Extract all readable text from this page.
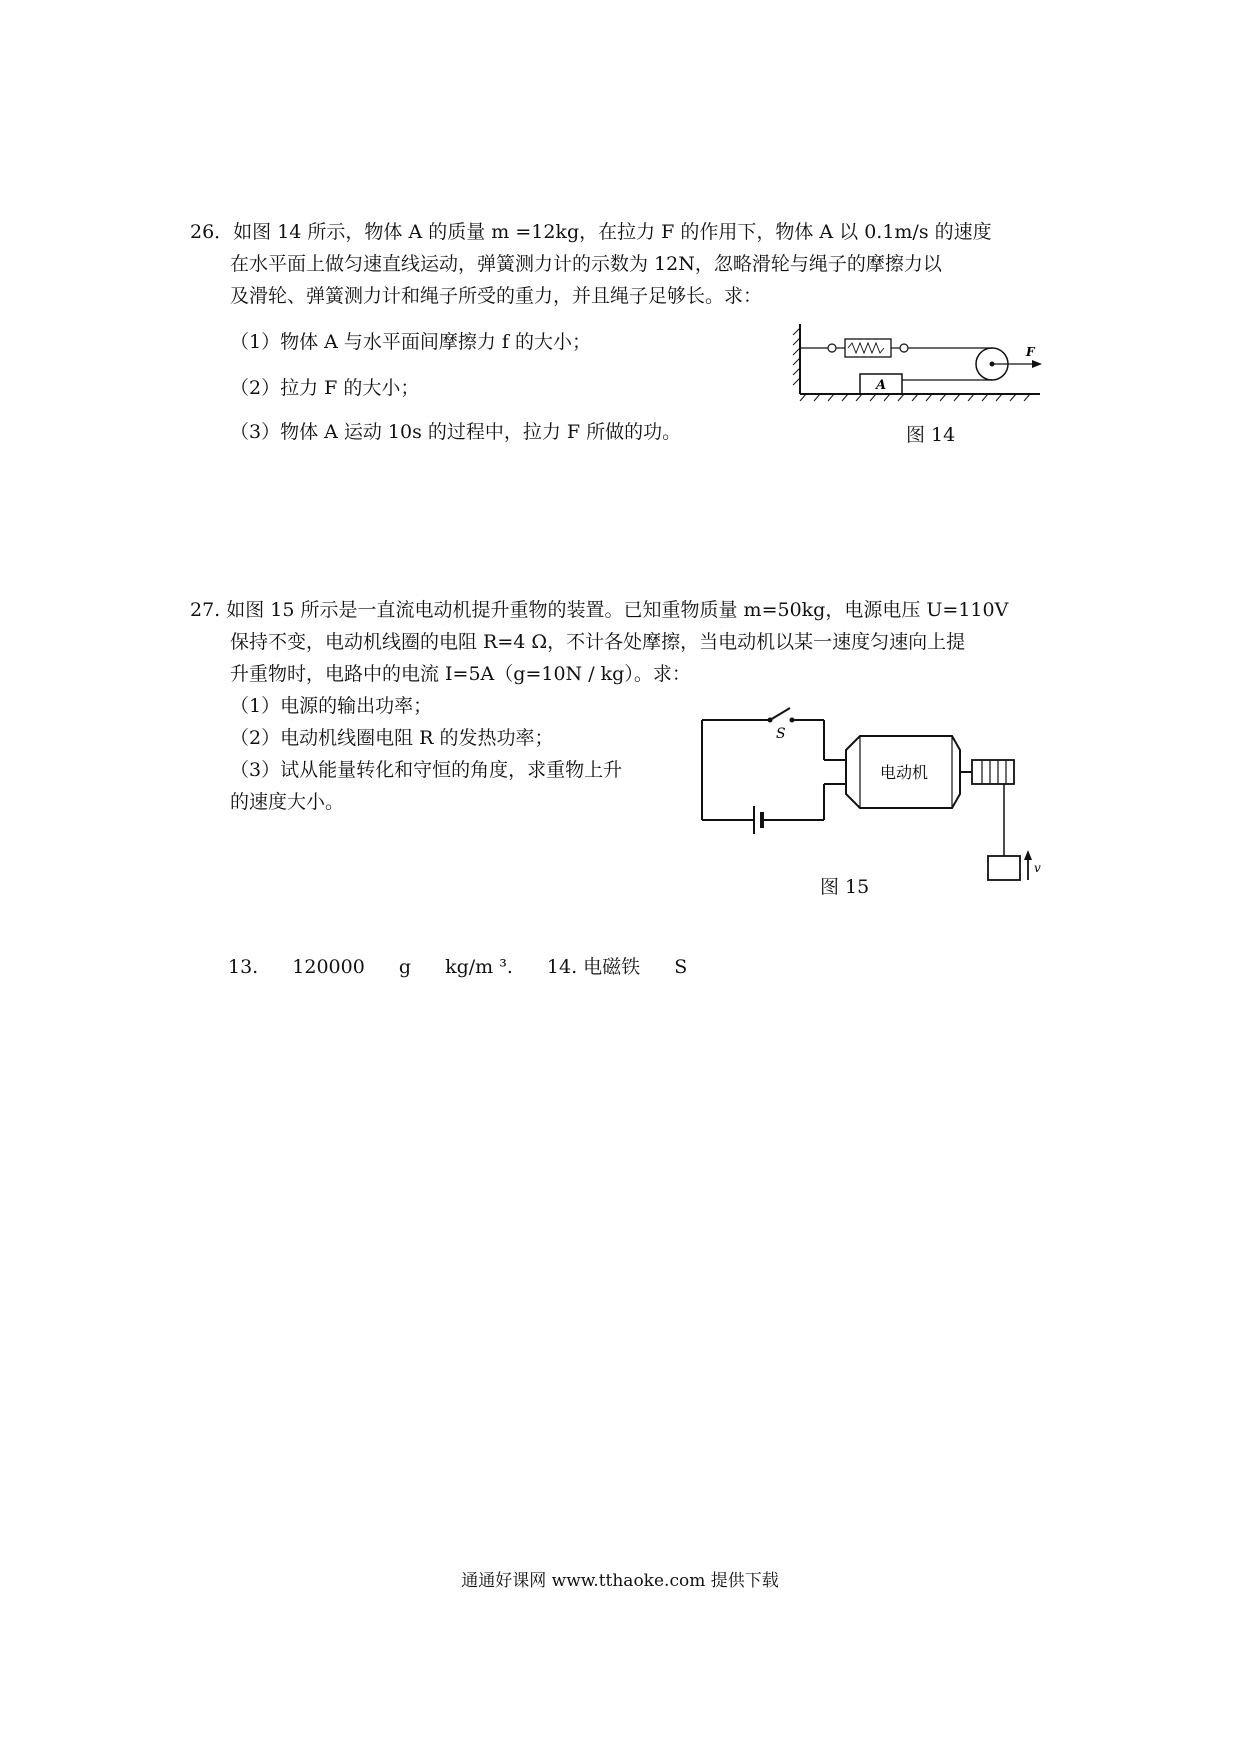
26．如图 14 所示，物体 A 的质量 m =12kg，在拉力 F 的作用下，物体 A 以 0.1m/s 的速度
在水平面上做匀速直线运动，弹簧测力计的示数为 12N，忽略滑轮与绳子的摩擦力以
及滑轮、弹簧测力计和绳子所受的重力，并且绳子足够长。求：
（1）物体 A 与水平面间摩擦力 f 的大小；
（2）拉力 F 的大小；
（3）物体 A 运动 10s 的过程中，拉力 F 所做的功。
A
F
图 14
27. 如图 15 所示是一直流电动机提升重物的装置。已知重物质量 m=50kg，电源电压 U=110V
保持不变，电动机线圈的电阻 R=4 Ω，不计各处摩擦，当电动机以某一速度匀速向上提
升重物时，电路中的电流 I=5A（g=10N / kg）。求：
（1）电源的输出功率；
（2）电动机线圈电阻 R 的发热功率；
（3）试从能量转化和守恒的角度，求重物上升
的速度大小。
S
电动机
v
图 15
13. 120000 g kg/m ³. 14. 电磁铁 S
通通好课网 www.tthaoke.com 提供下载
